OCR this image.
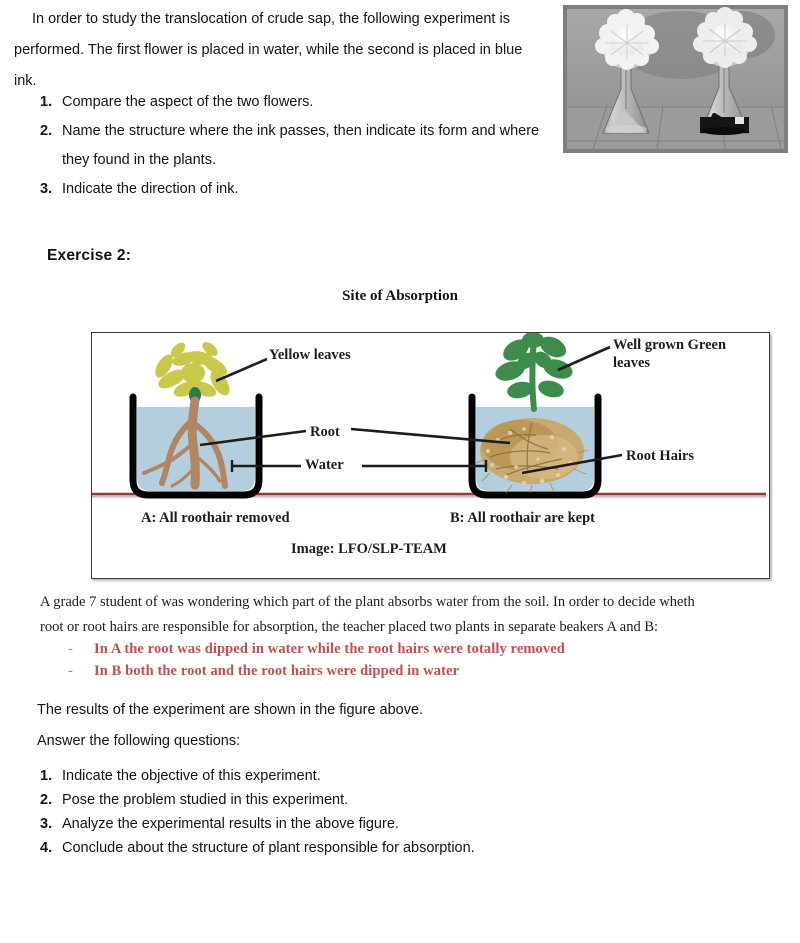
In order to study the translocation of crude sap, the following experiment is performed. The first flower is placed in water, while the second is placed in blue ink.

1. Compare the aspect of the two flowers.
2. Name the structure where the ink passes, then indicate its form and where they found in the plants.
3. Indicate the direction of ink.
Exercise 2:
Site of Absorption
Yellow leaves
Well grown Green leaves
Root
Water
Root Hairs
A: All roothair removed	B: All roothair are kept
Image: LFO/SLP-TEAM

A grade 7 student of was wondering which part of the plant absorbs water from the soil. In order to decide wheth

root or root hairs are responsible for absorption, the teacher placed two plants in separate beakers A and B:

-	In A the root was dipped in water while the root hairs were totally removed
-	In B both the root and the root hairs were dipped in water

The results of the experiment are shown in the figure above.

Answer the following questions:

1. Indicate the objective of this experiment.
2. Pose the problem studied in this experiment.
3. Analyze the experimental results in the above figure.
4. Conclude about the structure of plant responsible for absorption.
